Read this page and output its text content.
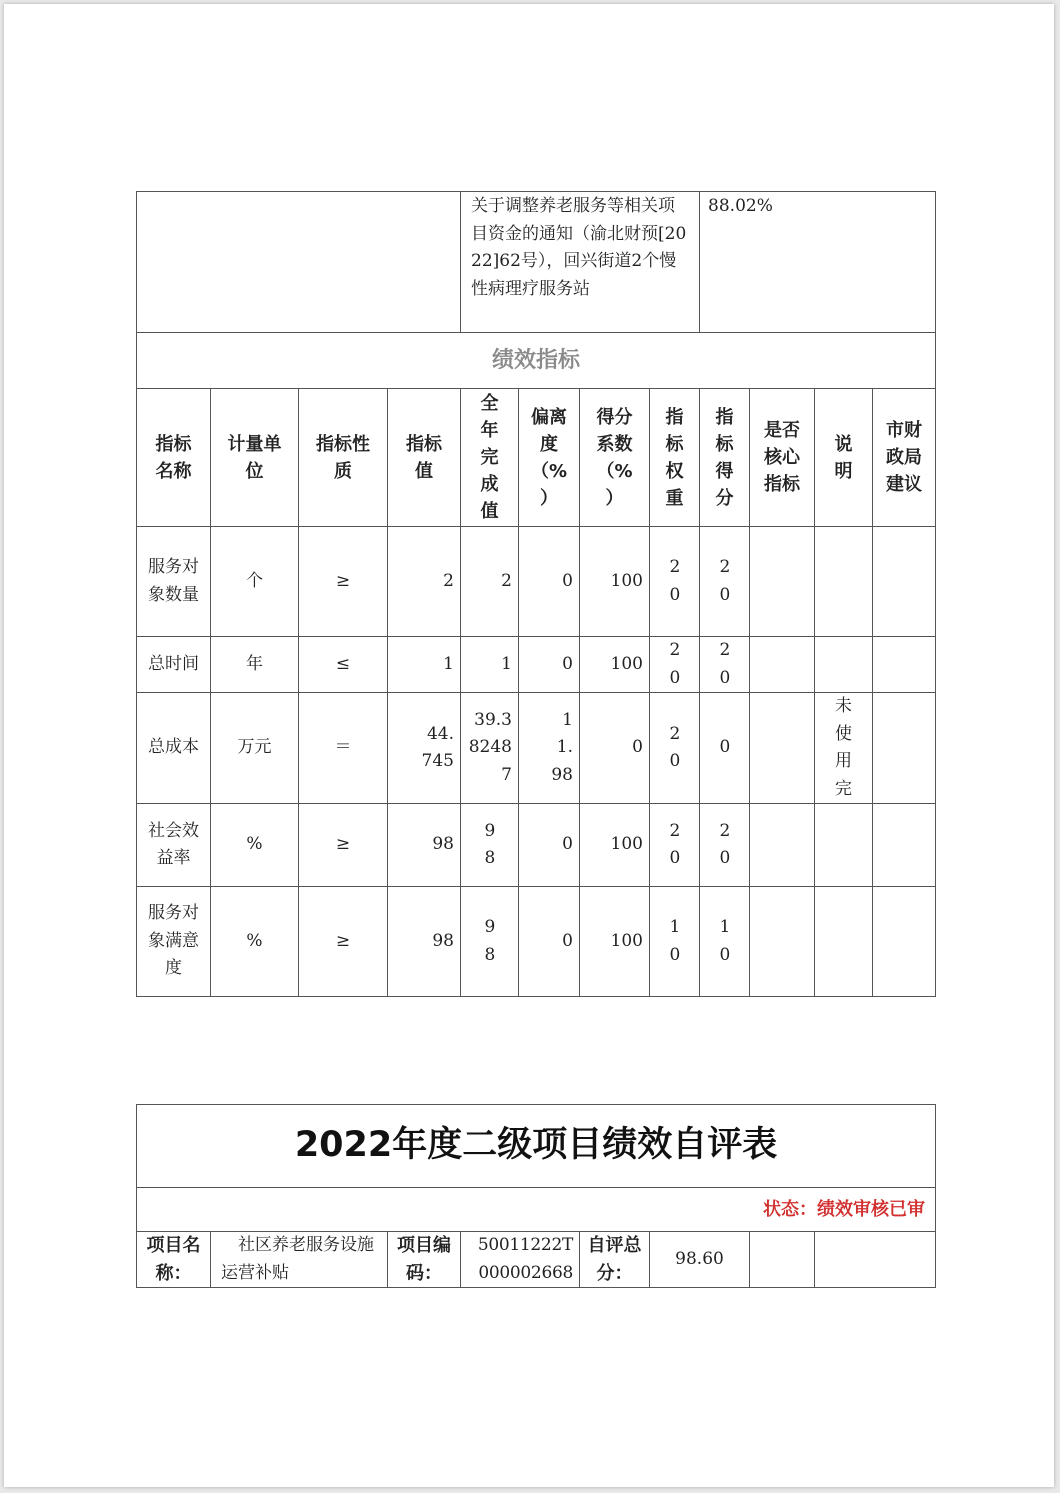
				关于调整养老服务等相关项目资金的通知（渝北财预[2022]62号），回兴街道2个慢性病理疗服务站				88.02%			

绩效指标											

指标名称	计量单位	指标性质	指标值	全年完成值	偏离度（%）	得分系数（%）	指标权重	指标得分	是否核心指标	说明	市财政局建议

服务对象数量	个	≥	2	2	0	100	20	20			

总时间	年	≤	1	1	0	100	20	20			

总成本	万元	＝	44.745	39.382487	11.98	0	20	0		未使用完	

社会效益率	%	≥	98	98	0	100	20	20			

服务对象满意度	%	≥	98	98	0	100	10	10			

2022年度二级项目绩效自评表
状态：绩效审核已审

项目名称：

社区养老服务设施运营补贴

项目编码：

50011222T000002668

自评总分：
	98.60		
